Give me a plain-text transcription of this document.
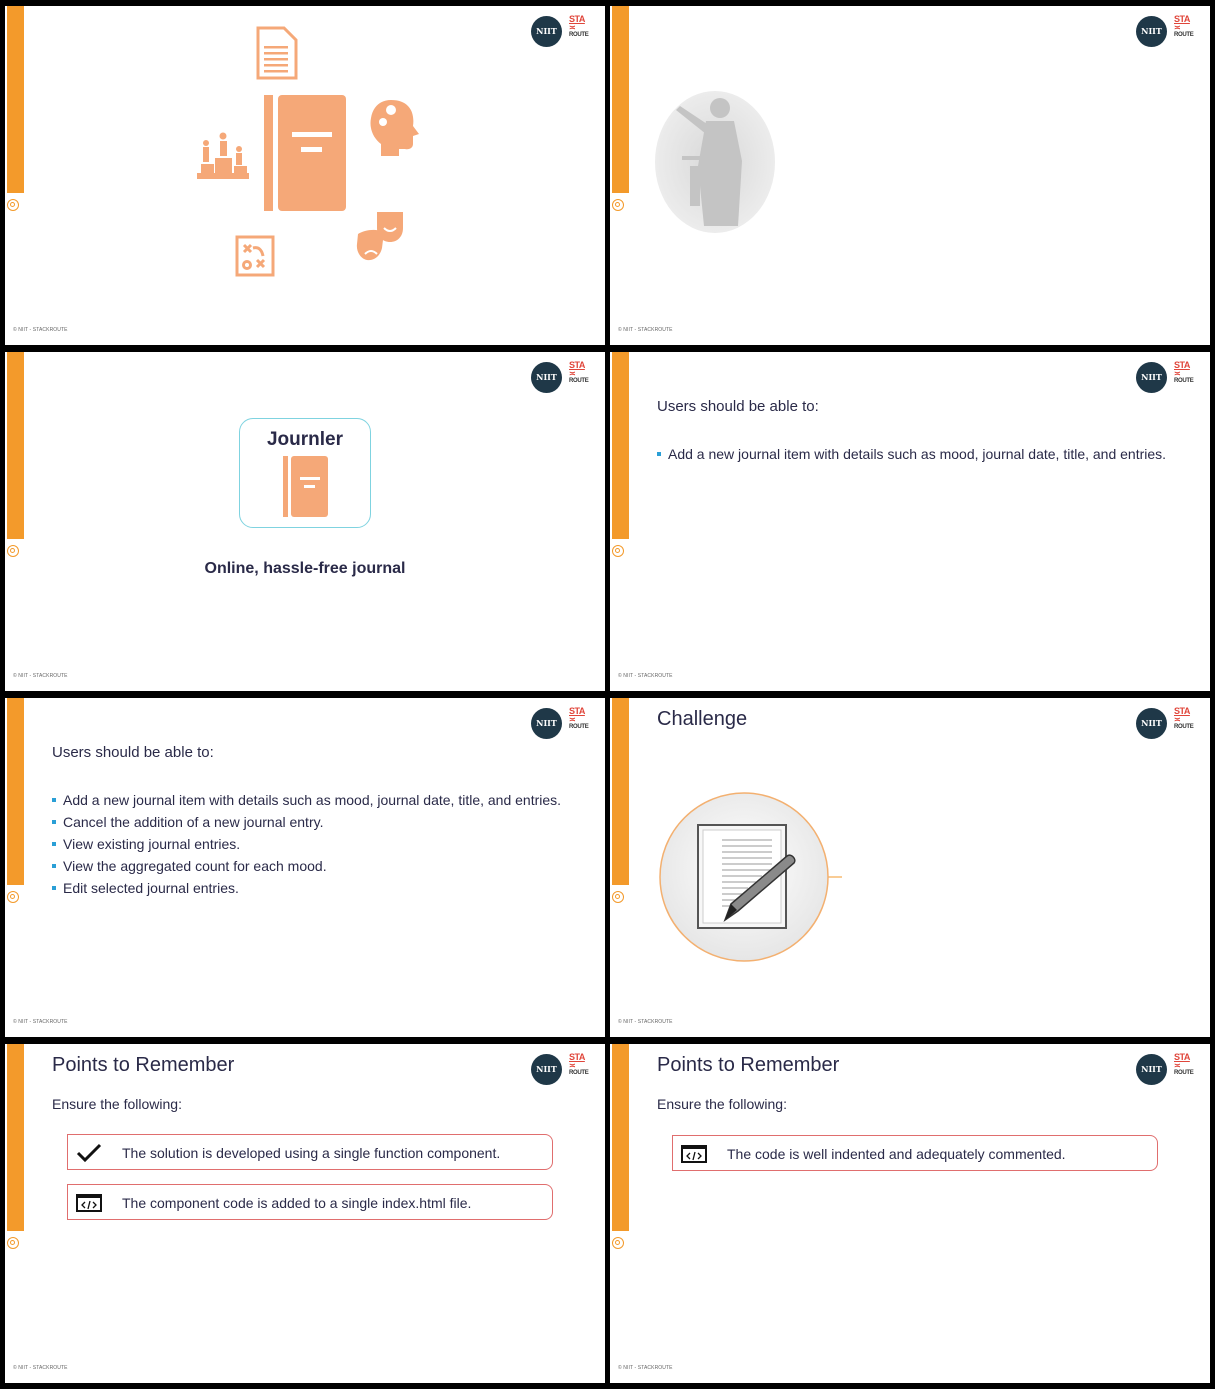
NIIT
STA
≍
ROUTE
© NIIT - STACKROUTE
NIIT
STA
≍
ROUTE
© NIIT - STACKROUTE
NIIT
STA
≍
ROUTE
Journler
Online, hassle-free journal
© NIIT - STACKROUTE
NIIT
STA
≍
ROUTE
Users should be able to:
Add a new journal item with details such as mood, journal date, title, and entries.
© NIIT - STACKROUTE
NIIT
STA
≍
ROUTE
Users should be able to:
Add a new journal item with details such as mood, journal date, title, and entries.
Cancel the addition of a new journal entry.
View existing journal entries.
View the aggregated count for each mood.
Edit selected journal entries.
© NIIT - STACKROUTE
NIIT
STA
≍
ROUTE
Challenge
© NIIT - STACKROUTE
NIIT
STA
≍
ROUTE
Points to Remember
Ensure the following:
The solution is developed using a single function component.
The component code is added to a single index.html file.
© NIIT - STACKROUTE
NIIT
STA
≍
ROUTE
Points to Remember
Ensure the following:
The code is well indented and adequately commented.
© NIIT - STACKROUTE
